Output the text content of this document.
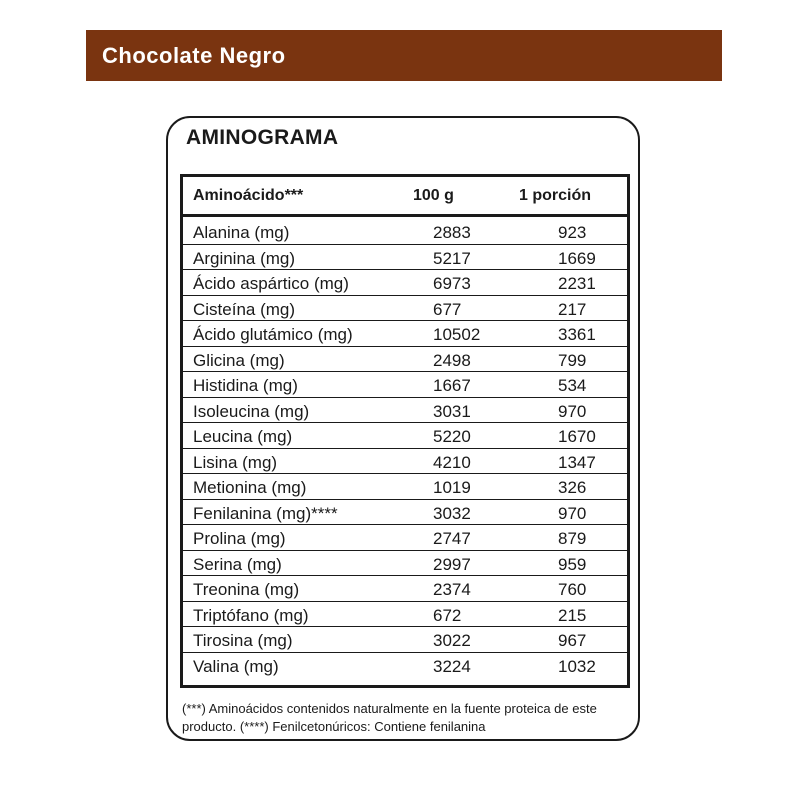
Chocolate Negro
AMINOGRAMA
Aminoácido***	100 g	1 porción
Alanina (mg)	2883	923
Arginina (mg)	5217	1669
Ácido aspártico (mg)	6973	2231
Cisteína (mg)	677	217
Ácido glutámico (mg)	10502	3361
Glicina (mg)	2498	799
Histidina (mg)	1667	534
Isoleucina (mg)	3031	970
Leucina (mg)	5220	1670
Lisina (mg)	4210	1347
Metionina (mg)	1019	326
Fenilanina (mg)****	3032	970
Prolina (mg)	2747	879
Serina (mg)	2997	959
Treonina (mg)	2374	760
Triptófano (mg)	672	215
Tirosina (mg)	3022	967
Valina (mg)	3224	1032
(***) Aminoácidos contenidos naturalmente en la fuente proteica de este producto. (****) Fenilcetonúricos: Contiene fenilanina
